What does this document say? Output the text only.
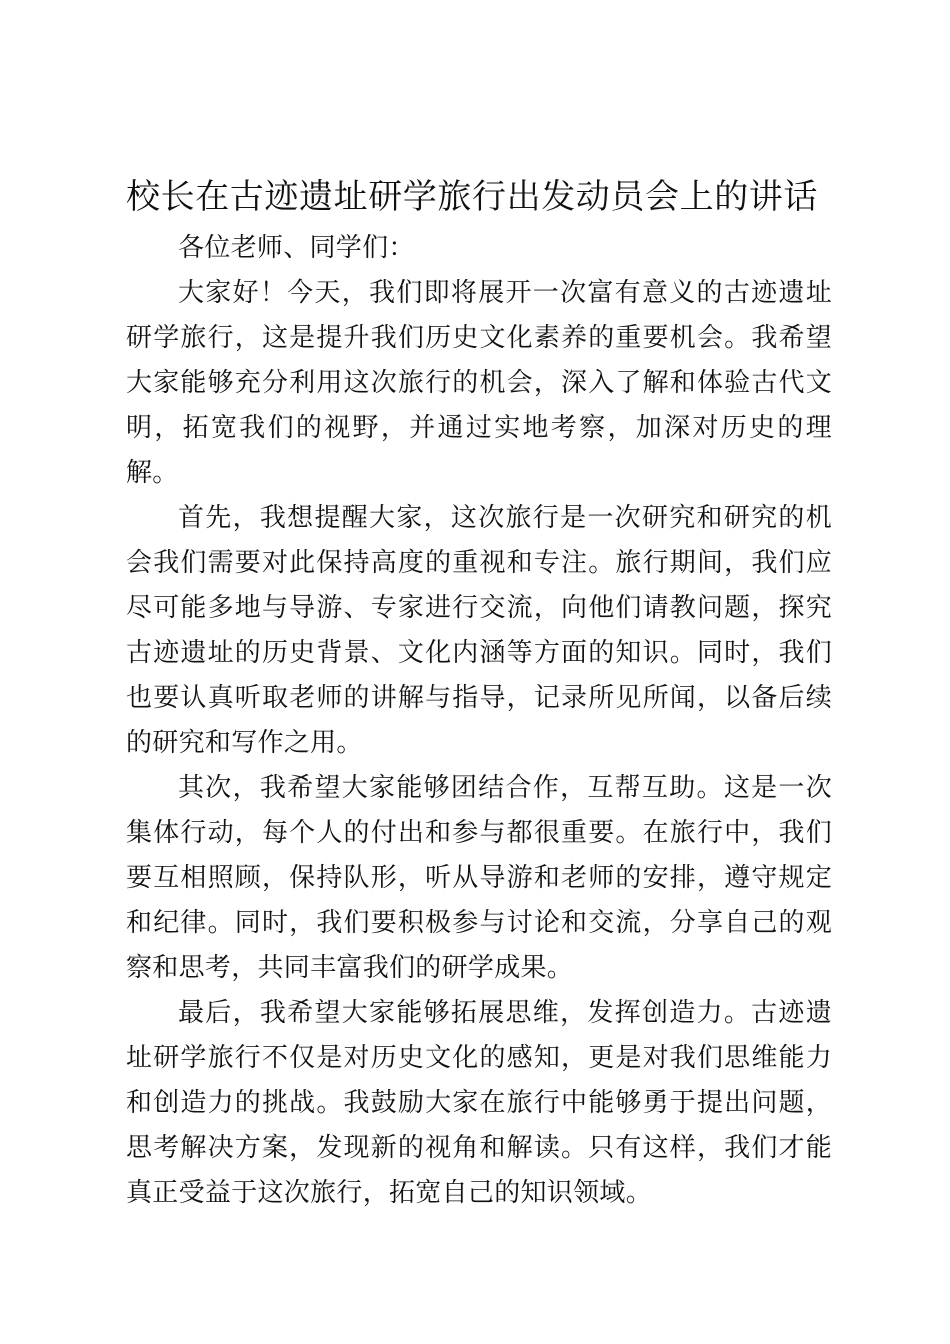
校长在古迹遗址研学旅行出发动员会上的讲话

各位老师、同学们：

大家好！今天，我们即将展开一次富有意义的古迹遗址研学旅行，这是提升我们历史文化素养的重要机会。我希望大家能够充分利用这次旅行的机会，深入了解和体验古代文明，拓宽我们的视野，并通过实地考察，加深对历史的理解。

首先，我想提醒大家，这次旅行是一次研究和研究的机会我们需要对此保持高度的重视和专注。旅行期间，我们应尽可能多地与导游、专家进行交流，向他们请教问题，探究古迹遗址的历史背景、文化内涵等方面的知识。同时，我们也要认真听取老师的讲解与指导，记录所见所闻，以备后续的研究和写作之用。

其次，我希望大家能够团结合作，互帮互助。这是一次集体行动，每个人的付出和参与都很重要。在旅行中，我们要互相照顾，保持队形，听从导游和老师的安排，遵守规定和纪律。同时，我们要积极参与讨论和交流，分享自己的观察和思考，共同丰富我们的研学成果。

最后，我希望大家能够拓展思维，发挥创造力。古迹遗址研学旅行不仅是对历史文化的感知，更是对我们思维能力和创造力的挑战。我鼓励大家在旅行中能够勇于提出问题，思考解决方案，发现新的视角和解读。只有这样，我们才能真正受益于这次旅行，拓宽自己的知识领域。
